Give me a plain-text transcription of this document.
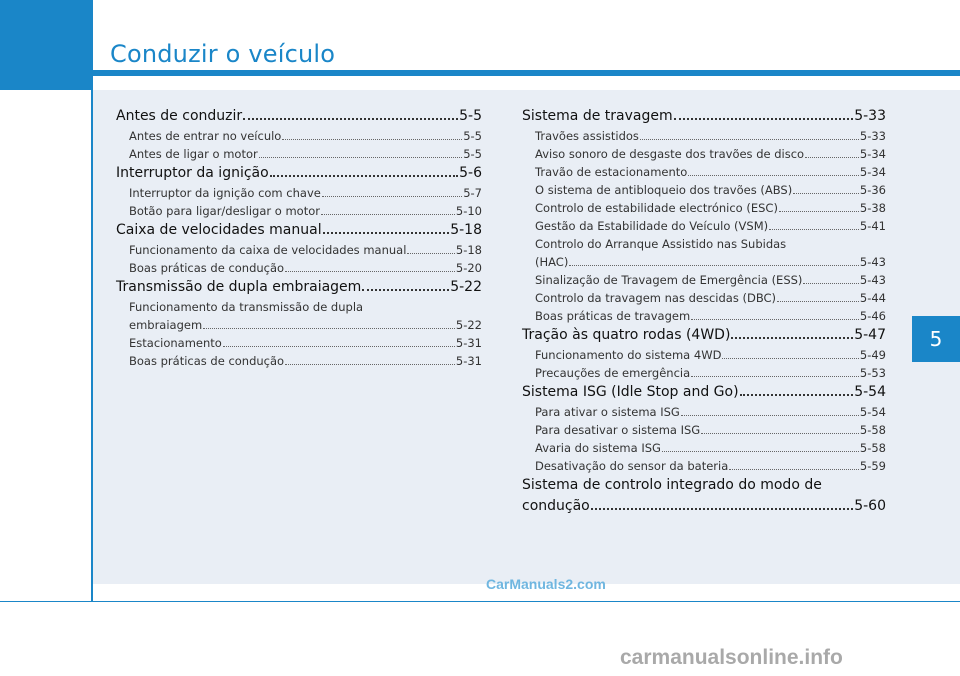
Conduzir o veículo
Antes de conduzir	5-5
Antes de entrar no veículo	5-5
Antes de ligar o motor	5-5
Interruptor da ignição	5-6
Interruptor da ignição com chave	5-7
Botão para ligar/desligar o motor	5-10
Caixa de velocidades manual	5-18
Funcionamento da caixa de velocidades manual	5-18
Boas práticas de condução	5-20
Transmissão de dupla embraiagem	5-22
Funcionamento da transmissão de dupla
embraiagem	5-22
Estacionamento	5-31
Boas práticas de condução	5-31
Sistema de travagem	5-33
Travões assistidos	5-33
Aviso sonoro de desgaste dos travões de disco	5-34
Travão de estacionamento	5-34
O sistema de antibloqueio dos travões (ABS)	5-36
Controlo de estabilidade electrónico (ESC)	5-38
Gestão da Estabilidade do Veículo (VSM)	5-41
Controlo do Arranque Assistido nas Subidas
(HAC)	5-43
Sinalização de Travagem de Emergência (ESS)	5-43
Controlo da travagem nas descidas (DBC)	5-44
Boas práticas de travagem	5-46
Tração às quatro rodas (4WD)	5-47
Funcionamento do sistema 4WD	5-49
Precauções de emergência	5-53
Sistema ISG (Idle Stop and Go)	5-54
Para ativar o sistema ISG	5-54
Para desativar o sistema ISG	5-58
Avaria do sistema ISG	5-58
Desativação do sensor da bateria	5-59
Sistema de controlo integrado do modo de
condução	5-60
5
CarManuals2.com
carmanualsonline.info
